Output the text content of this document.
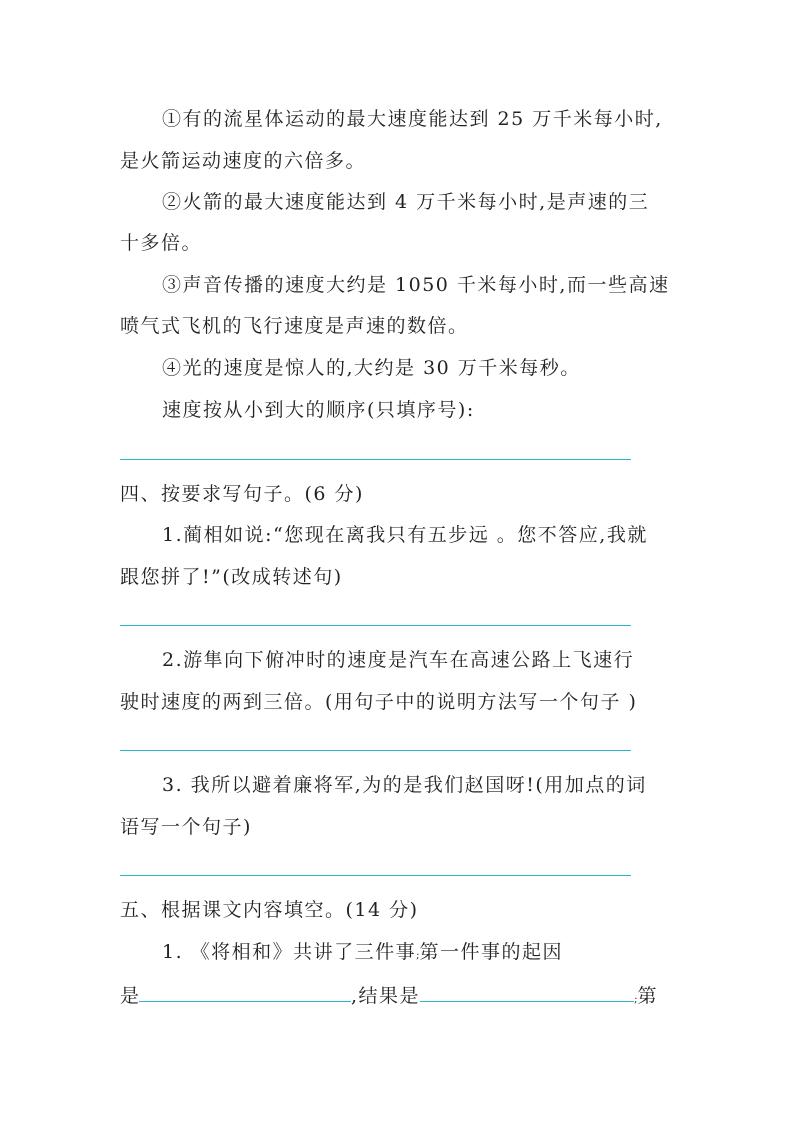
①有的流星体运动的最大速度能达到 25 万千米每小时,
是火箭运动速度的六倍多。
②火箭的最大速度能达到 4 万千米每小时,是声速的三
十多倍。
③声音传播的速度大约是 1050 千米每小时,而一些高速
喷气式飞机的飞行速度是声速的数倍。
④光的速度是惊人的,大约是 30 万千米每秒。
速度按从小到大的顺序(只填序号):
四、按要求写句子。(6 分)
1.蔺相如说:“您现在离我只有五步远 。您不答应,我就
跟您拼了!”(改成转述句)
2.游隼向下俯冲时的速度是汽车在高速公路上飞速行
驶时速度的两到三倍。(用句子中的说明方法写一个句子 )
3. 我所以避着廉将军,为的是我们赵国呀!(用加点的词
语写一个句子)
五、根据课文内容填空。(14 分)
1. 《将相和》共讲了三件事;第一件事的起因
是	,结果是	;第
